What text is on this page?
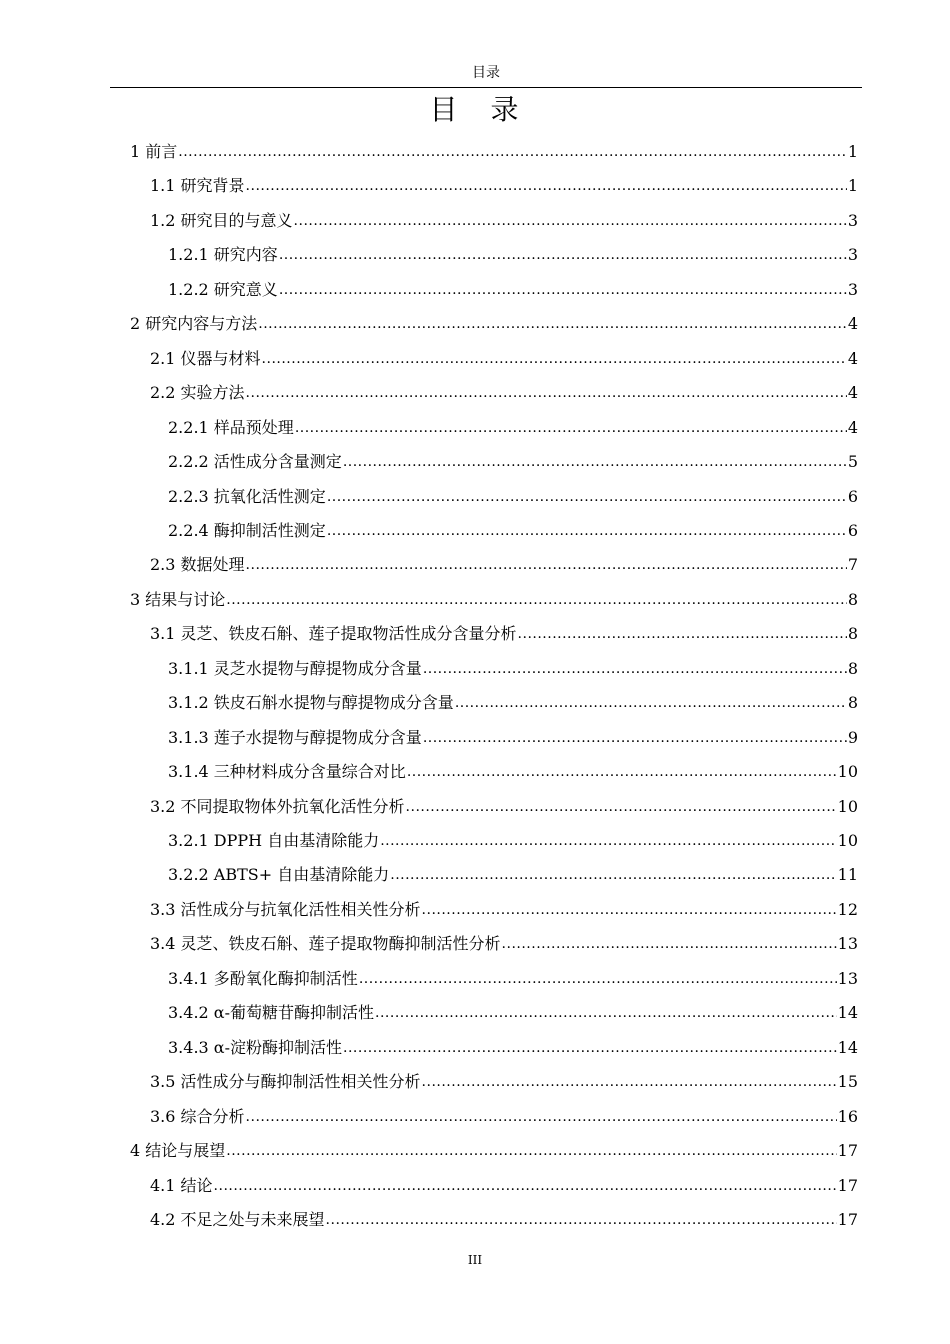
目录
目 录
1 前言 .....	1
1.1 研究背景 .....	1
1.2 研究目的与意义 .....	3
1.2.1 研究内容 .....	3
1.2.2 研究意义 .....	3
2 研究内容与方法 .....	4
2.1 仪器与材料 .....	4
2.2 实验方法 .....	4
2.2.1 样品预处理 .....	4
2.2.2 活性成分含量测定 .....	5
2.2.3 抗氧化活性测定 .....	6
2.2.4 酶抑制活性测定 .....	6
2.3 数据处理 .....	7
3 结果与讨论 .....	8
3.1 灵芝、铁皮石斛、莲子提取物活性成分含量分析 .....	8
3.1.1 灵芝水提物与醇提物成分含量 .....	8
3.1.2 铁皮石斛水提物与醇提物成分含量 .....	8
3.1.3 莲子水提物与醇提物成分含量 .....	9
3.1.4 三种材料成分含量综合对比 .....	10
3.2 不同提取物体外抗氧化活性分析 .....	10
3.2.1 DPPH 自由基清除能力 .....	10
3.2.2 ABTS+ 自由基清除能力 .....	11
3.3 活性成分与抗氧化活性相关性分析 .....	12
3.4 灵芝、铁皮石斛、莲子提取物酶抑制活性分析 .....	13
3.4.1 多酚氧化酶抑制活性 .....	13
3.4.2 α-葡萄糖苷酶抑制活性 .....	14
3.4.3 α-淀粉酶抑制活性 .....	14
3.5 活性成分与酶抑制活性相关性分析 .....	15
3.6 综合分析 .....	16
4 结论与展望 .....	17
4.1 结论 .....	17
4.2 不足之处与未来展望 .....	17
III
